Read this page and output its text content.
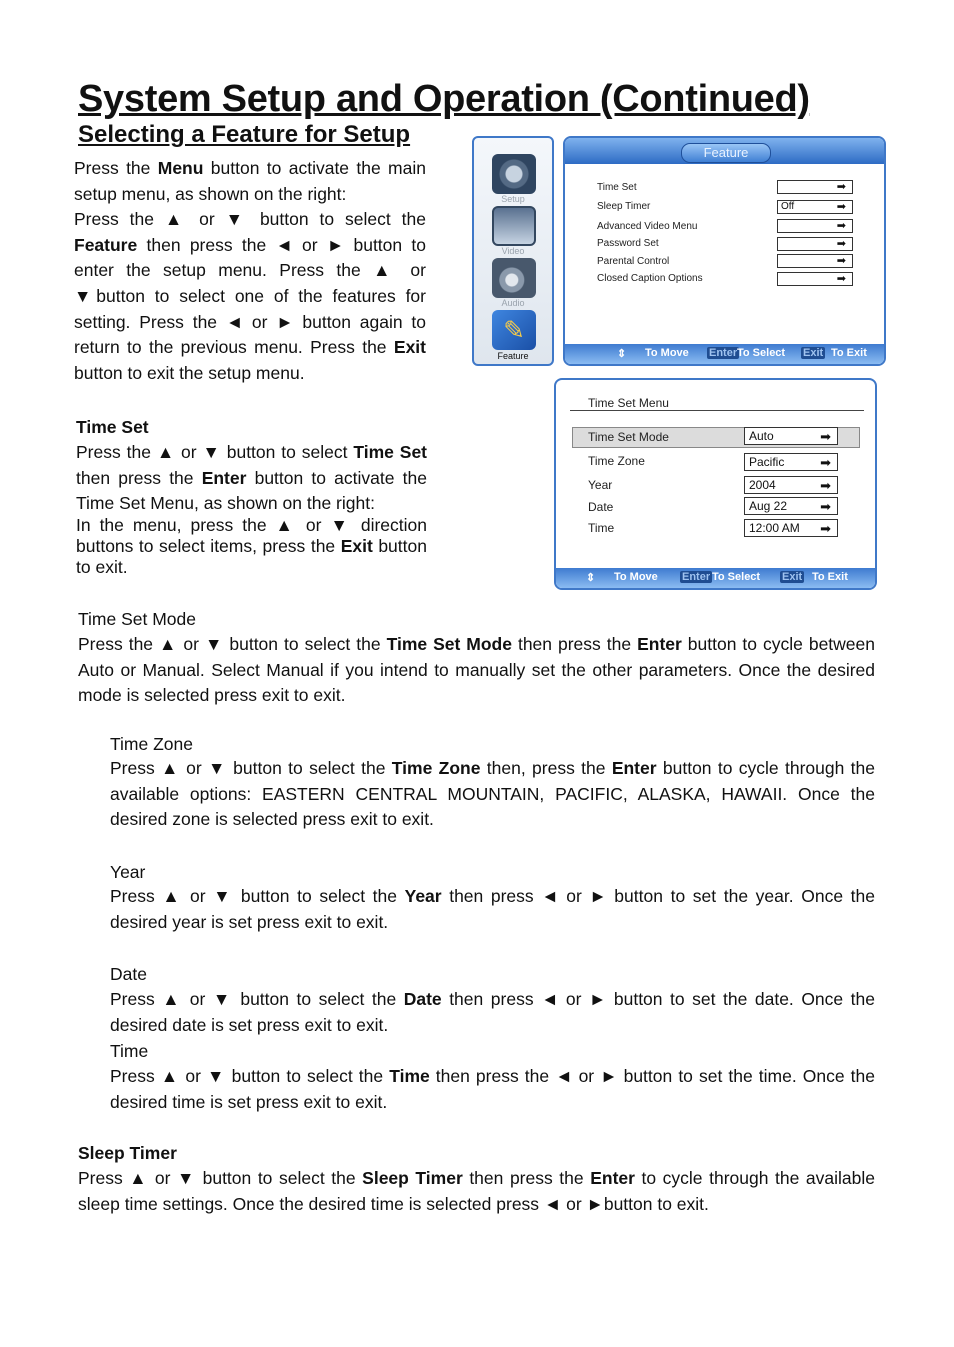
System Setup and Operation (Continued)
Selecting a Feature for Setup
Press the Menu button to activate the main setup menu, as shown on the right:
Press the ▲ or ▼ button to select the Feature then press the ◄ or ► button to enter the setup menu. Press the ▲ or ▼button to select one of the features for setting. Press the ◄ or ► button again to return to the previous menu. Press the Exit button to exit the setup menu.
Time Set
Press the ▲ or ▼ button to select Time Set then press the Enter button to activate the Time Set Menu, as shown on the right:
In the menu, press the ▲ or ▼ direction buttons to select items, press the Exit button to exit.
Time Set Mode
Press the ▲ or ▼ button to select the Time Set Mode then press the Enter button to cycle between Auto or Manual. Select Manual if you intend to manually set the other parameters. Once the desired mode is selected press exit to exit.
Time Zone
Press ▲ or ▼ button to select the Time Zone then, press the Enter button to cycle through the available options: EASTERN CENTRAL MOUNTAIN, PACIFIC, ALASKA, HAWAII. Once the desired zone is selected press exit to exit.
Year
Press ▲ or ▼ button to select the Year then press ◄ or ► button to set the year. Once the desired year is set press exit to exit.
Date
Press ▲ or ▼ button to select the Date then press ◄ or ► button to set the date. Once the desired date is set press exit to exit.
Time
Press ▲ or ▼ button to select the Time then press the ◄ or ► button to set the time. Once the desired time is set press exit to exit.
Sleep Timer
Press ▲ or ▼ button to select the Sleep Timer then press the Enter to cycle through the available sleep time settings. Once the desired time is selected press ◄ or ►button to exit.
Setup
Video
Audio
✎
Feature
Feature
Time Set	➡
Sleep Timer	Off	➡
Advanced Video Menu	➡
Password Set	➡
Parental Control	➡
Closed Caption Options	➡
⇕ To Move Enter To Select Exit To Exit
Time Set Menu
Time Set Mode	Auto	➡
Time Zone	Pacific	➡
Year	2004	➡
Date	Aug 22	➡
Time	12:00 AM ➡
⇕ To Move Enter To Select Exit To Exit
